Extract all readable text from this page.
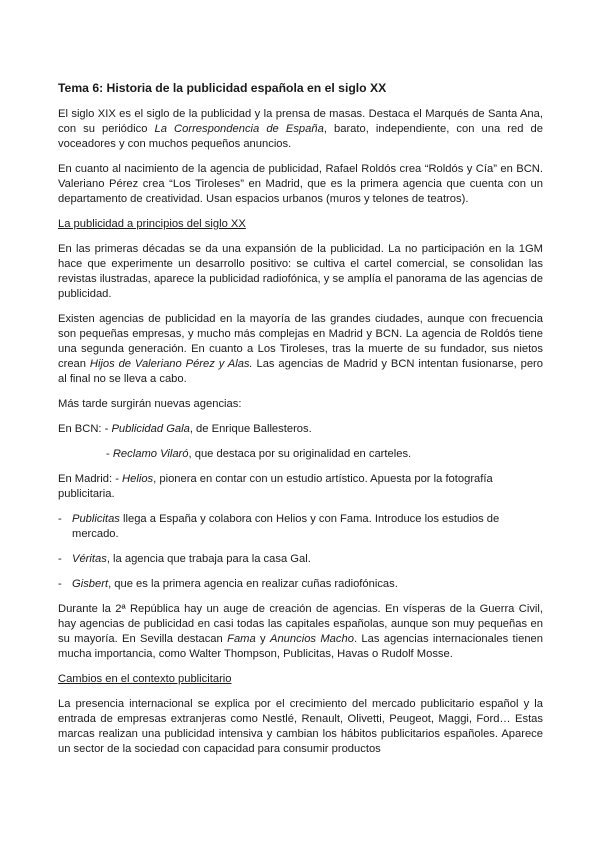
Tema 6: Historia de la publicidad española en el siglo XX
El siglo XIX es el siglo de la publicidad y la prensa de masas. Destaca el Marqués de Santa Ana, con su periódico La Correspondencia de España, barato, independiente, con una red de voceadores y con muchos pequeños anuncios.
En cuanto al nacimiento de la agencia de publicidad, Rafael Roldós crea “Roldós y Cía” en BCN. Valeriano Pérez crea “Los Tiroleses” en Madrid, que es la primera agencia que cuenta con un departamento de creatividad. Usan espacios urbanos (muros y telones de teatros).
La publicidad a principios del siglo XX
En las primeras décadas se da una expansión de la publicidad. La no participación en la 1GM hace que experimente un desarrollo positivo: se cultiva el cartel comercial, se consolidan las revistas ilustradas, aparece la publicidad radiofónica, y se amplía el panorama de las agencias de publicidad.
Existen agencias de publicidad en la mayoría de las grandes ciudades, aunque con frecuencia son pequeñas empresas, y mucho más complejas en Madrid y BCN. La agencia de Roldós tiene una segunda generación. En cuanto a Los Tiroleses, tras la muerte de su fundador, sus nietos crean Hijos de Valeriano Pérez y Alas. Las agencias de Madrid y BCN intentan fusionarse, pero al final no se lleva a cabo.
Más tarde surgirán nuevas agencias:
En BCN: - Publicidad Gala, de Enrique Ballesteros.
- Reclamo Vilaró, que destaca por su originalidad en carteles.
En Madrid: - Helios, pionera en contar con un estudio artístico. Apuesta por la fotografía publicitaria.
- Publicitas llega a España y colabora con Helios y con Fama. Introduce los estudios de mercado.
- Véritas, la agencia que trabaja para la casa Gal.
- Gisbert, que es la primera agencia en realizar cuñas radiofónicas.
Durante la 2ª República hay un auge de creación de agencias. En vísperas de la Guerra Civil, hay agencias de publicidad en casi todas las capitales españolas, aunque son muy pequeñas en su mayoría. En Sevilla destacan Fama y Anuncios Macho. Las agencias internacionales tienen mucha importancia, como Walter Thompson, Publicitas, Havas o Rudolf Mosse.
Cambios en el contexto publicitario
La presencia internacional se explica por el crecimiento del mercado publicitario español y la entrada de empresas extranjeras como Nestlé, Renault, Olivetti, Peugeot, Maggi, Ford… Estas marcas realizan una publicidad intensiva y cambian los hábitos publicitarios españoles. Aparece un sector de la sociedad con capacidad para consumir productos
